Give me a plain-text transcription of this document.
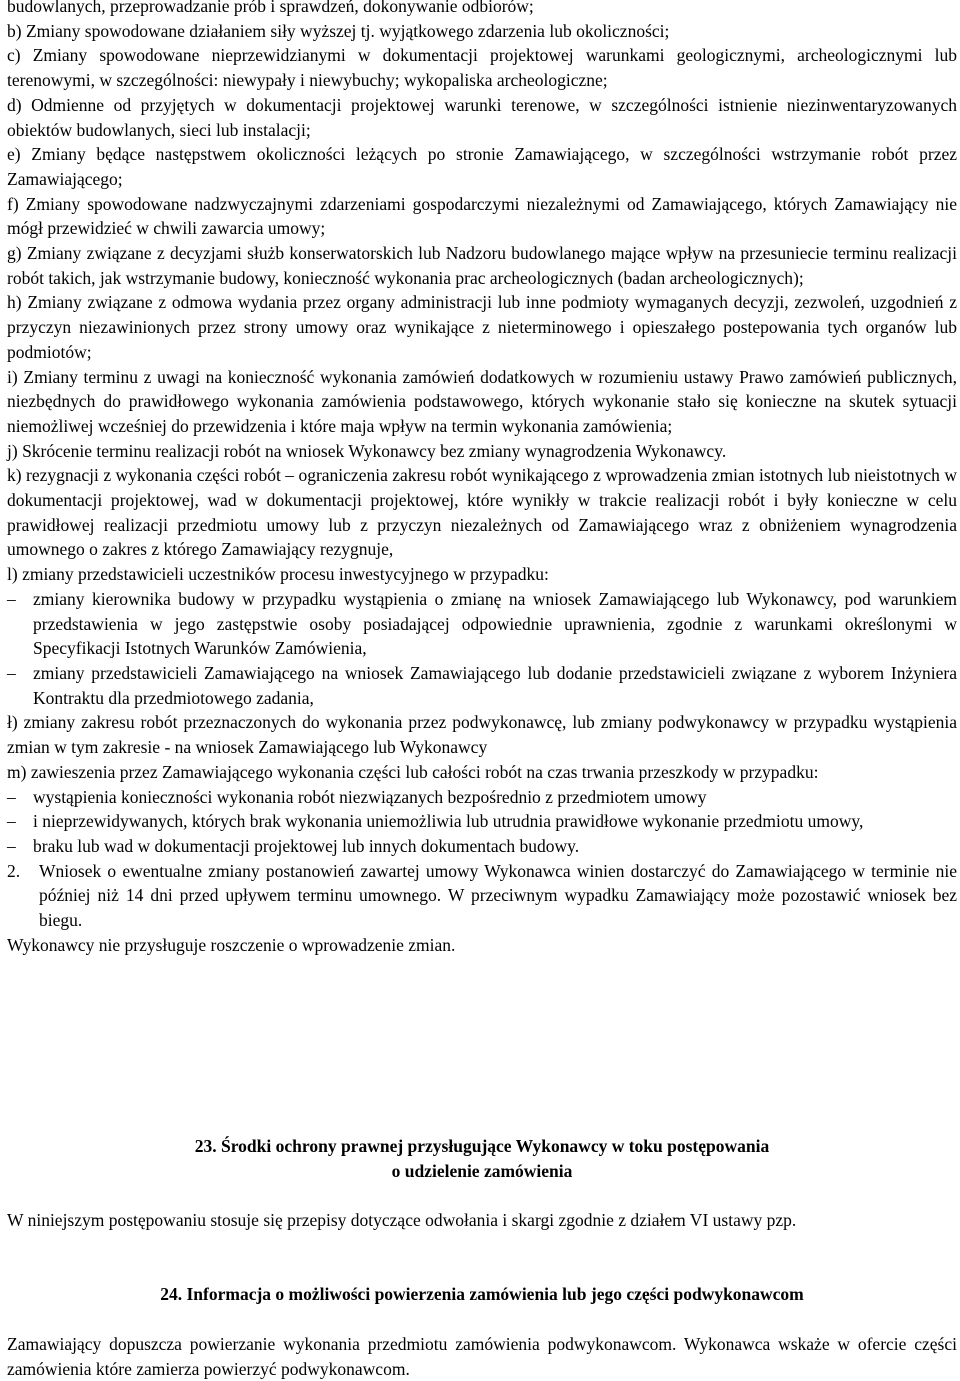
budowlanych, przeprowadzanie prób i sprawdzeń, dokonywanie odbiorów;

b) Zmiany spowodowane działaniem siły wyższej tj. wyjątkowego zdarzenia lub okoliczności;

c) Zmiany spowodowane nieprzewidzianymi w dokumentacji projektowej warunkami geologicznymi, archeologicznymi lub terenowymi, w szczególności: niewypały i niewybuchy; wykopaliska archeologiczne;

d) Odmienne od przyjętych w dokumentacji projektowej warunki terenowe, w szczególności istnienie niezinwentaryzowanych obiektów budowlanych, sieci lub instalacji;

e) Zmiany będące następstwem okoliczności leżących po stronie Zamawiającego, w szczególności wstrzymanie robót przez Zamawiającego;

f) Zmiany spowodowane nadzwyczajnymi zdarzeniami gospodarczymi niezależnymi od Zamawiającego, których Zamawiający nie mógł przewidzieć w chwili zawarcia umowy;

g) Zmiany związane z decyzjami służb konserwatorskich lub Nadzoru budowlanego mające wpływ na przesuniecie terminu realizacji robót takich, jak wstrzymanie budowy, konieczność wykonania prac archeologicznych (badan archeologicznych);

h) Zmiany związane z odmowa wydania przez organy administracji lub inne podmioty wymaganych decyzji, zezwoleń, uzgodnień z przyczyn niezawinionych przez strony umowy oraz wynikające z nieterminowego i opieszałego postepowania tych organów lub podmiotów;

i) Zmiany terminu z uwagi na konieczność wykonania zamówień dodatkowych w rozumieniu ustawy Prawo zamówień publicznych, niezbędnych do prawidłowego wykonania zamówienia podstawowego, których wykonanie stało się konieczne na skutek sytuacji niemożliwej wcześniej do przewidzenia i które maja wpływ na termin wykonania zamówienia;

j) Skrócenie terminu realizacji robót na wniosek Wykonawcy bez zmiany wynagrodzenia Wykonawcy.

k) rezygnacji z wykonania części robót – ograniczenia zakresu robót wynikającego z wprowadzenia zmian istotnych lub nieistotnych w dokumentacji projektowej, wad w dokumentacji projektowej, które wynikły w trakcie realizacji robót i były konieczne w celu prawidłowej realizacji przedmiotu umowy lub z przyczyn niezależnych od Zamawiającego wraz z obniżeniem wynagrodzenia umownego o zakres z którego Zamawiający rezygnuje,

l) zmiany przedstawicieli uczestników procesu inwestycyjnego w przypadku:

– zmiany kierownika budowy w przypadku wystąpienia o zmianę na wniosek Zamawiającego lub Wykonawcy, pod warunkiem przedstawienia w jego zastępstwie osoby posiadającej odpowiednie uprawnienia, zgodnie z warunkami określonymi w Specyfikacji Istotnych Warunków Zamówienia,
– zmiany przedstawicieli Zamawiającego na wniosek Zamawiającego lub dodanie przedstawicieli związane z wyborem Inżyniera Kontraktu dla przedmiotowego zadania,

ł) zmiany zakresu robót przeznaczonych do wykonania przez podwykonawcę, lub zmiany podwykonawcy w przypadku wystąpienia zmian w tym zakresie - na wniosek Zamawiającego lub Wykonawcy

m) zawieszenia przez Zamawiającego wykonania części lub całości robót na czas trwania przeszkody w przypadku:

– wystąpienia konieczności wykonania robót niezwiązanych bezpośrednio z przedmiotem umowy
– i nieprzewidywanych, których brak wykonania uniemożliwia lub utrudnia prawidłowe wykonanie przedmiotu umowy,
– braku lub wad w dokumentacji projektowej lub innych dokumentach budowy.
2. Wniosek o ewentualne zmiany postanowień zawartej umowy Wykonawca winien dostarczyć do Zamawiającego w terminie nie później niż 14 dni przed upływem terminu umownego. W przeciwnym wypadku Zamawiający może pozostawić wniosek bez biegu.

Wykonawcy nie przysługuje roszczenie o wprowadzenie zmian.

23. Środki ochrony prawnej przysługujące Wykonawcy w toku postępowania

o udzielenie zamówienia

W niniejszym postępowaniu stosuje się przepisy dotyczące odwołania i skargi zgodnie z działem VI ustawy pzp.

24. Informacja o możliwości powierzenia zamówienia lub jego części podwykonawcom

Zamawiający dopuszcza powierzanie wykonania przedmiotu zamówienia podwykonawcom. Wykonawca wskaże w ofercie części zamówienia które zamierza powierzyć podwykonawcom.
